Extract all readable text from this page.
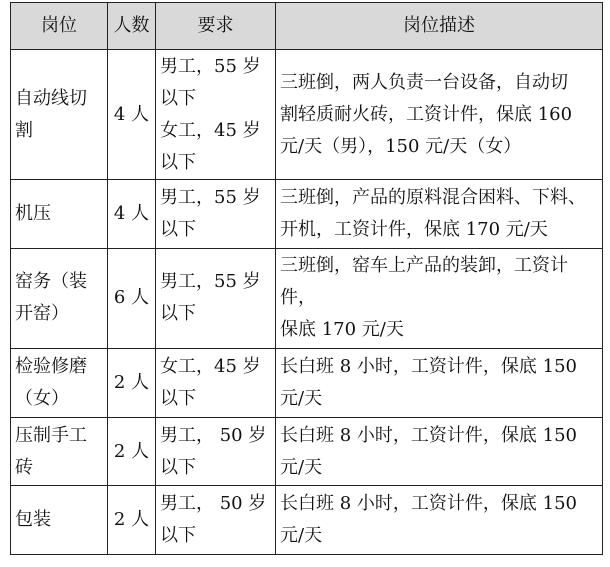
岗位	人数	要求	岗位描述

自动线切
割	4 人	男工，55 岁
以下
女工，45 岁
以下	三班倒，两人负责一台设备，自动切
割轻质耐火砖，工资计件，保底 160
元/天（男），150 元/天（女）

机压	4 人	男工，55 岁
以下	三班倒，产品的原料混合困料、下料、
开机，工资计件，保底 170 元/天

窑务（装
开窑）	6 人	男工，55 岁
以下	三班倒，窑车上产品的装卸，工资计
件，
保底 170 元/天

检验修磨
（女）	2 人	女工，45 岁
以下	长白班 8 小时，工资计件，保底 150
元/天

压制手工
砖	2 人	男工， 50 岁
以下	长白班 8 小时，工资计件，保底 150
元/天

包装	2 人	男工， 50 岁
以下	长白班 8 小时，工资计件，保底 150
元/天
